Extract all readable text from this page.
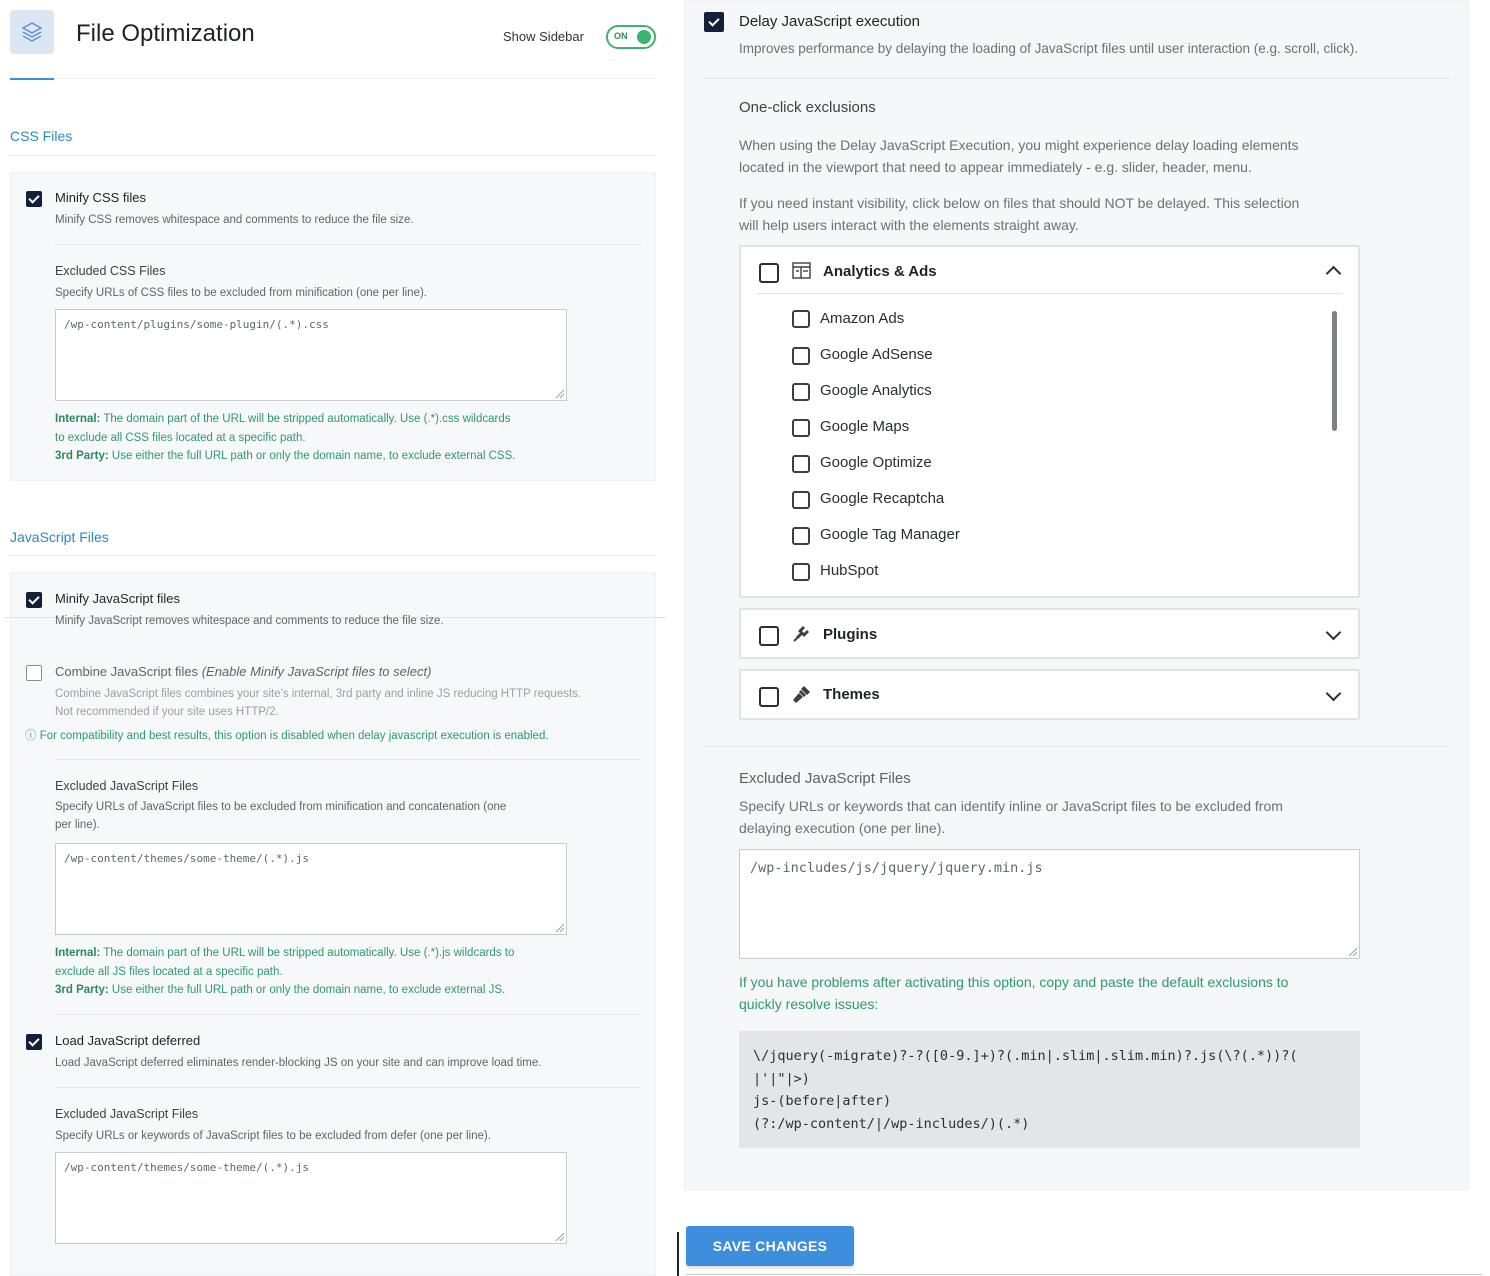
File Optimization	Show Sidebar	ON
CSS Files
Minify CSS files
Minify CSS removes whitespace and comments to reduce the file size.
Excluded CSS Files
Specify URLs of CSS files to be excluded from minification (one per line).
/wp-content/plugins/some-plugin/(.*).css
Internal: The domain part of the URL will be stripped automatically. Use (.*).css wildcards
to exclude all CSS files located at a specific path.
3rd Party: Use either the full URL path or only the domain name, to exclude external CSS.
JavaScript Files
Minify JavaScript files
Minify JavaScript removes whitespace and comments to reduce the file size.
Combine JavaScript files (Enable Minify JavaScript files to select)
Combine JavaScript files combines your site's internal, 3rd party and inline JS reducing HTTP requests.
Not recommended if your site uses HTTP/2.
ⓘ For compatibility and best results, this option is disabled when delay javascript execution is enabled.
Excluded JavaScript Files
Specify URLs of JavaScript files to be excluded from minification and concatenation (one
per line).
/wp-content/themes/some-theme/(.*).js
Internal: The domain part of the URL will be stripped automatically. Use (.*).js wildcards to
exclude all JS files located at a specific path.
3rd Party: Use either the full URL path or only the domain name, to exclude external JS.
Load JavaScript deferred
Load JavaScript deferred eliminates render-blocking JS on your site and can improve load time.
Excluded JavaScript Files
Specify URLs or keywords of JavaScript files to be excluded from defer (one per line).
/wp-content/themes/some-theme/(.*).js
Delay JavaScript execution
Improves performance by delaying the loading of JavaScript files until user interaction (e.g. scroll, click).
One-click exclusions
When using the Delay JavaScript Execution, you might experience delay loading elements
located in the viewport that need to appear immediately - e.g. slider, header, menu.
If you need instant visibility, click below on files that should NOT be delayed. This selection
will help users interact with the elements straight away.
Analytics & Ads
Amazon Ads
Google AdSense
Google Analytics
Google Maps
Google Optimize
Google Recaptcha
Google Tag Manager
HubSpot
Plugins
Themes
Excluded JavaScript Files
Specify URLs or keywords that can identify inline or JavaScript files to be excluded from
delaying execution (one per line).
/wp-includes/js/jquery/jquery.min.js
If you have problems after activating this option, copy and paste the default exclusions to
quickly resolve issues:
\/jquery(-migrate)?-?([0-9.]+)?(.min|.slim|.slim.min)?.js(\?(.*))?(
|'|"|>)
js-(before|after)
(?:/wp-content/|/wp-includes/)(.*)
SAVE CHANGES
